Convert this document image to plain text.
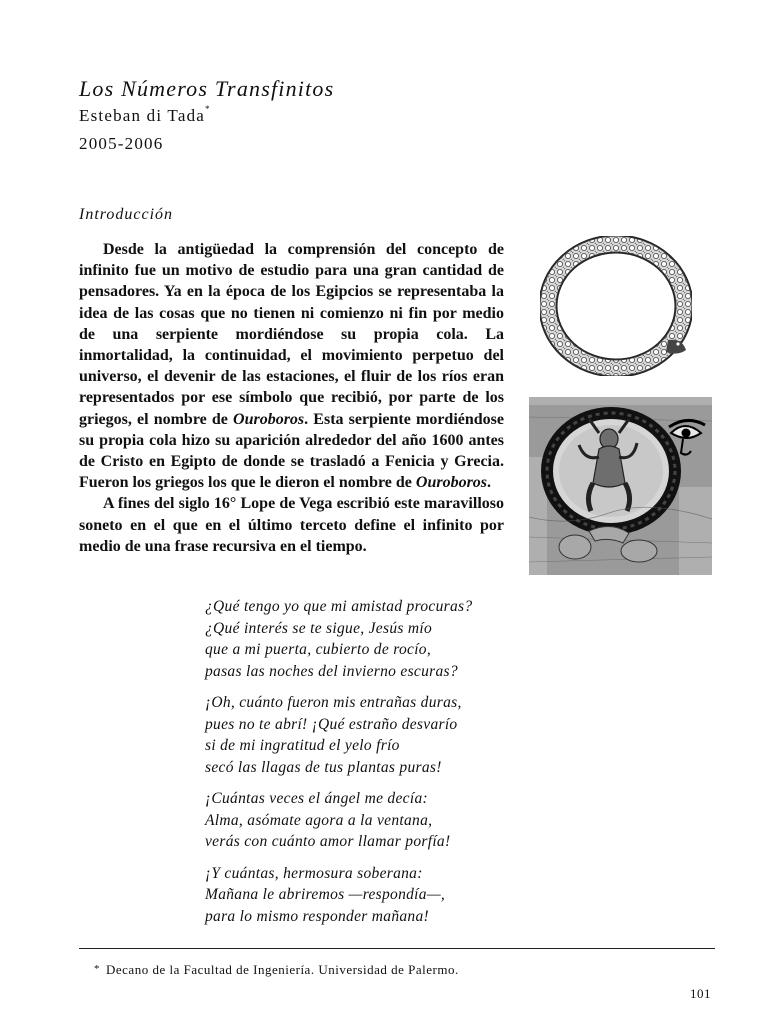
Los Números Transfinitos
Esteban di Tada*
2005-2006
Introducción

Desde la antigüedad la comprensión del concepto de infinito fue un motivo de estudio para una gran cantidad de pensadores. Ya en la época de los Egipcios se representaba la idea de las cosas que no tienen ni comienzo ni fin por medio de una serpiente mordiéndose su propia cola. La inmortalidad, la continuidad, el movimiento perpetuo del universo, el devenir de las estaciones, el fluir de los ríos eran representados por ese símbolo que recibió, por parte de los griegos, el nombre de Ouroboros. Esta serpiente mordiéndose su propia cola hizo su aparición alrededor del año 1600 antes de Cristo en Egipto de donde se trasladó a Fenicia y Grecia. Fueron los griegos los que le dieron el nombre de Ouroboros.

A fines del siglo 16° Lope de Vega escribió este maravilloso soneto en el que en el último terceto define el infinito por medio de una frase recursiva en el tiempo.

¿Qué tengo yo que mi amistad procuras?
¿Qué interés se te sigue, Jesús mío
que a mi puerta, cubierto de rocío,
pasas las noches del invierno escuras?
¡Oh, cuánto fueron mis entrañas duras,
pues no te abrí! ¡Qué estraño desvarío
si de mi ingratitud el yelo frío
secó las llagas de tus plantas puras!
¡Cuántas veces el ángel me decía:
Alma, asómate agora a la ventana,
verás con cuánto amor llamar porfía!
¡Y cuántas, hermosura soberana:
Mañana le abriremos —respondía—,
para lo mismo responder mañana!
* Decano de la Facultad de Ingeniería. Universidad de Palermo.
101
